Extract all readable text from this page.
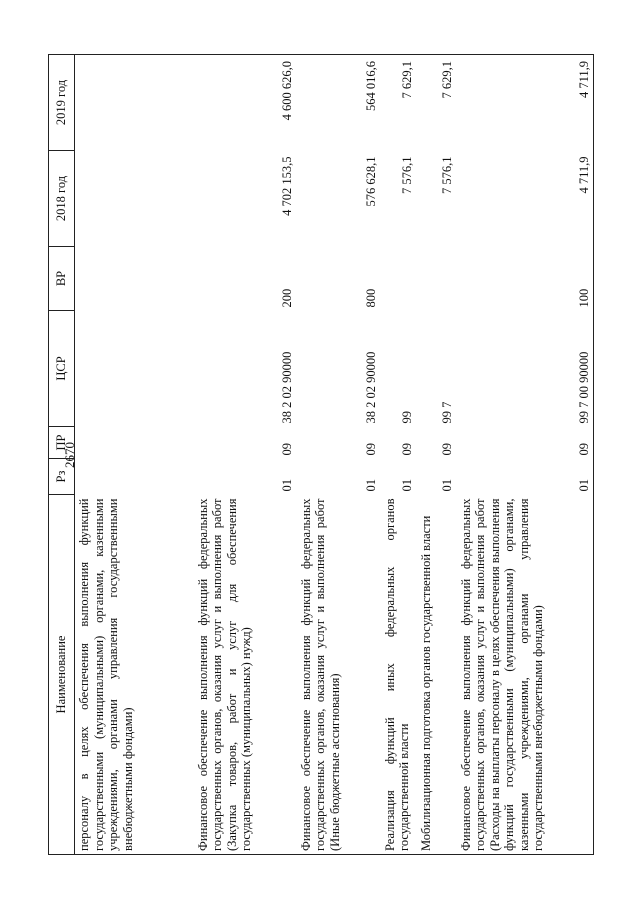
2670
Наименование	Рз	ПР	ЦСР	ВР	2018 год	2019 год
персоналу в целях обеспечения выполнения функций государственными (муниципальными) органами, казенными учреждениями, органами управления государственными внебюджетными фондами)						
Финансовое обеспечение выполнения функций федеральных государственных органов, оказания услуг и выполнения работ (Закупка товаров, работ и услуг для обеспечения государственных (муниципальных) нужд)	01	09	38 2 02 90000	200	4 702 153,5	4 600 626,0
Финансовое обеспечение выполнения функций федеральных государственных органов, оказания услуг и выполнения работ (Иные бюджетные ассигнования)	01	09	38 2 02 90000	800	576 628,1	564 016,6
Реализация функций иных федеральных органов государственной власти	01	09	99		7 576,1	7 629,1
Мобилизационная подготовка органов государственной власти	01	09	99 7		7 576,1	7 629,1
Финансовое обеспечение выполнения функций федеральных государственных органов, оказания услуг и выполнения работ (Расходы на выплаты персоналу в целях обеспечения выполнения функций государственными (муниципальными) органами, казенными учреждениями, органами управления государственными внебюджетными фондами)	01	09	99 7 00 90000	100	4 711,9	4 711,9
